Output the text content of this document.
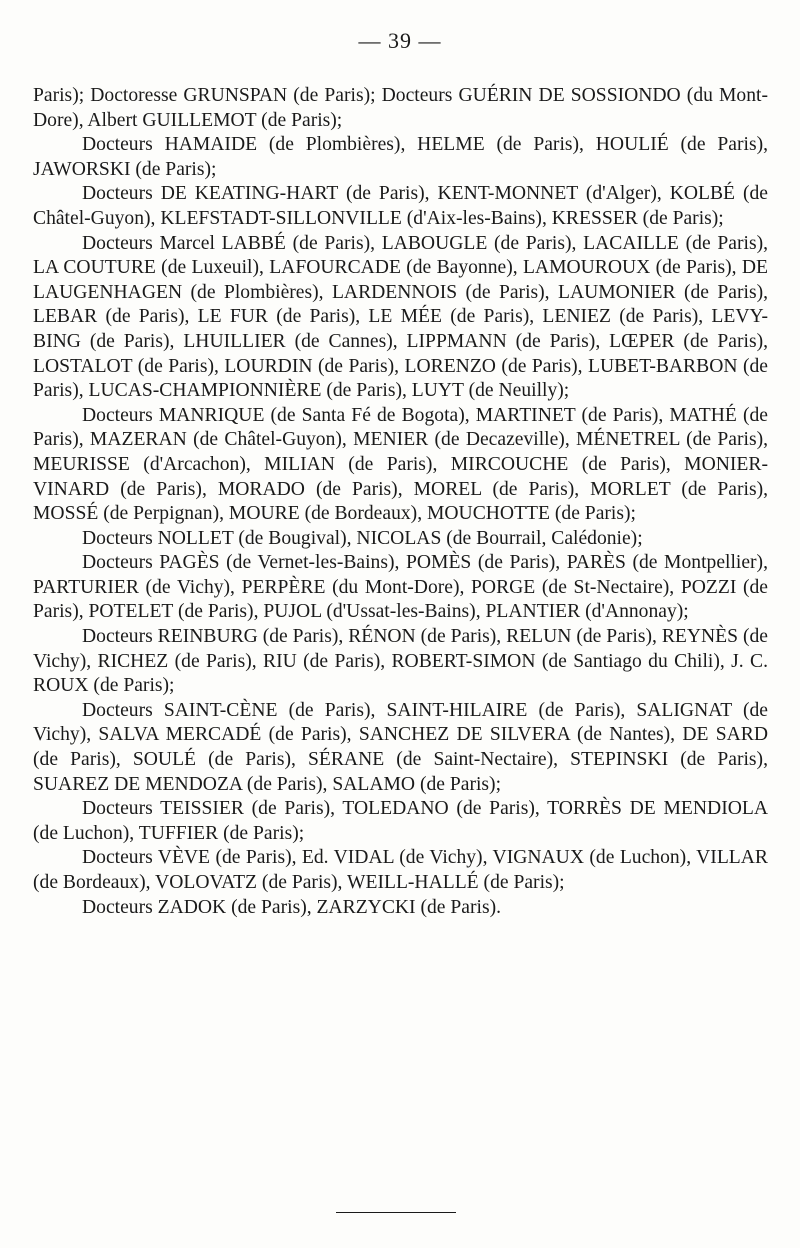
— 39 —

Paris); Doctoresse GRUNSPAN (de Paris); Docteurs GUÉRIN DE SOSSIONDO (du Mont-Dore), Albert GUILLEMOT (de Paris);

Docteurs HAMAIDE (de Plombières), HELME (de Paris), HOULIÉ (de Paris), JAWORSKI (de Paris);

Docteurs DE KEATING-HART (de Paris), KENT-MONNET (d'Alger), KOLBÉ (de Châtel-Guyon), KLEFSTADT-SILLONVILLE (d'Aix-les-Bains), KRESSER (de Paris);

Docteurs Marcel LABBÉ (de Paris), LABOUGLE (de Paris), LACAILLE (de Paris), LA COUTURE (de Luxeuil), LAFOURCADE (de Bayonne), LAMOUROUX (de Paris), DE LAUGENHAGEN (de Plombières), LARDENNOIS (de Paris), LAUMONIER (de Paris), LEBAR (de Paris), LE FUR (de Paris), LE MÉE (de Paris), LENIEZ (de Paris), LEVY-BING (de Paris), LHUILLIER (de Cannes), LIPPMANN (de Paris), LŒPER (de Paris), LOSTALOT (de Paris), LOURDIN (de Paris), LORENZO (de Paris), LUBET-BARBON (de Paris), LUCAS-CHAMPIONNIÈRE (de Paris), LUYT (de Neuilly);

Docteurs MANRIQUE (de Santa Fé de Bogota), MARTINET (de Paris), MATHÉ (de Paris), MAZERAN (de Châtel-Guyon), MENIER (de Decazeville), MÉNETREL (de Paris), MEURISSE (d'Arcachon), MILIAN (de Paris), MIRCOUCHE (de Paris), MONIER-VINARD (de Paris), MORADO (de Paris), MOREL (de Paris), MORLET (de Paris), MOSSÉ (de Perpignan), MOURE (de Bordeaux), MOUCHOTTE (de Paris);

Docteurs NOLLET (de Bougival), NICOLAS (de Bourrail, Calédonie);

Docteurs PAGÈS (de Vernet-les-Bains), POMÈS (de Paris), PARÈS (de Montpellier), PARTURIER (de Vichy), PERPÈRE (du Mont-Dore), PORGE (de St-Nectaire), POZZI (de Paris), POTELET (de Paris), PUJOL (d'Ussat-les-Bains), PLANTIER (d'Annonay);

Docteurs REINBURG (de Paris), RÉNON (de Paris), RELUN (de Paris), REYNÈS (de Vichy), RICHEZ (de Paris), RIU (de Paris), ROBERT-SIMON (de Santiago du Chili), J. C. ROUX (de Paris);

Docteurs SAINT-CÈNE (de Paris), SAINT-HILAIRE (de Paris), SALIGNAT (de Vichy), SALVA MERCADÉ (de Paris), SANCHEZ DE SILVERA (de Nantes), DE SARD (de Paris), SOULÉ (de Paris), SÉRANE (de Saint-Nectaire), STEPINSKI (de Paris), SUAREZ DE MENDOZA (de Paris), SALAMO (de Paris);

Docteurs TEISSIER (de Paris), TOLEDANO (de Paris), TORRÈS DE MENDIOLA (de Luchon), TUFFIER (de Paris);

Docteurs VÈVE (de Paris), Ed. VIDAL (de Vichy), VIGNAUX (de Luchon), VILLAR (de Bordeaux), VOLOVATZ (de Paris), WEILL-HALLÉ (de Paris);

Docteurs ZADOK (de Paris), ZARZYCKI (de Paris).
